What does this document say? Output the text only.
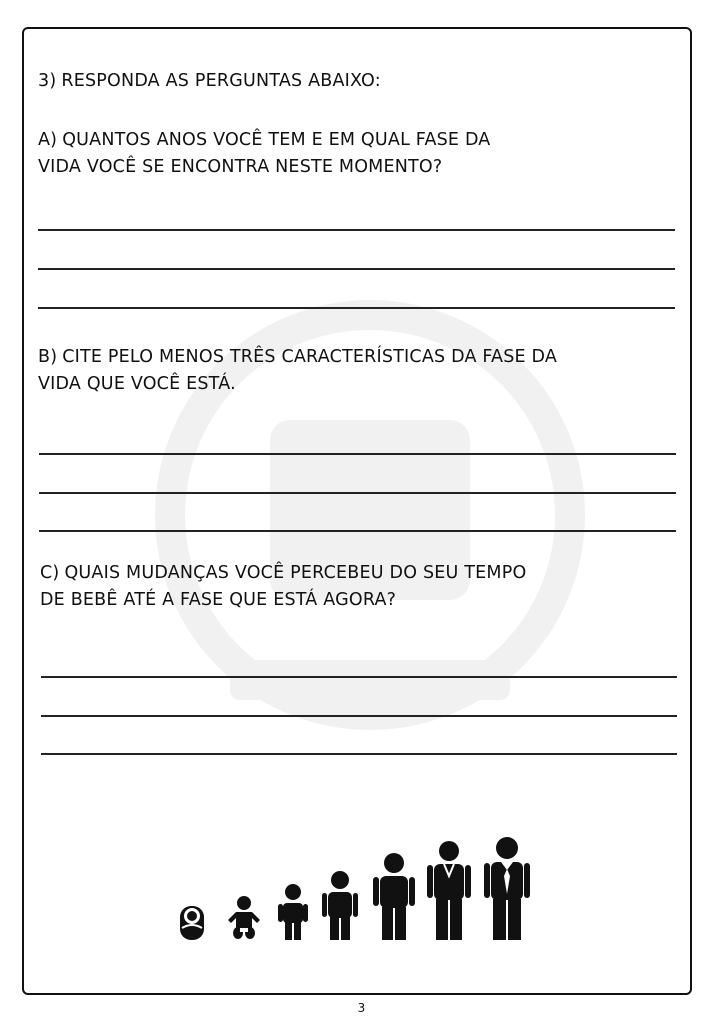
3) RESPONDA AS PERGUNTAS ABAIXO:
A) QUANTOS ANOS VOCÊ TEM E EM QUAL FASE DA
VIDA VOCÊ SE ENCONTRA NESTE MOMENTO?
B) CITE PELO MENOS TRÊS CARACTERÍSTICAS DA FASE DA
VIDA QUE VOCÊ ESTÁ.
C) QUAIS MUDANÇAS VOCÊ PERCEBEU DO SEU TEMPO
DE BEBÊ ATÉ A FASE QUE ESTÁ AGORA?
3
